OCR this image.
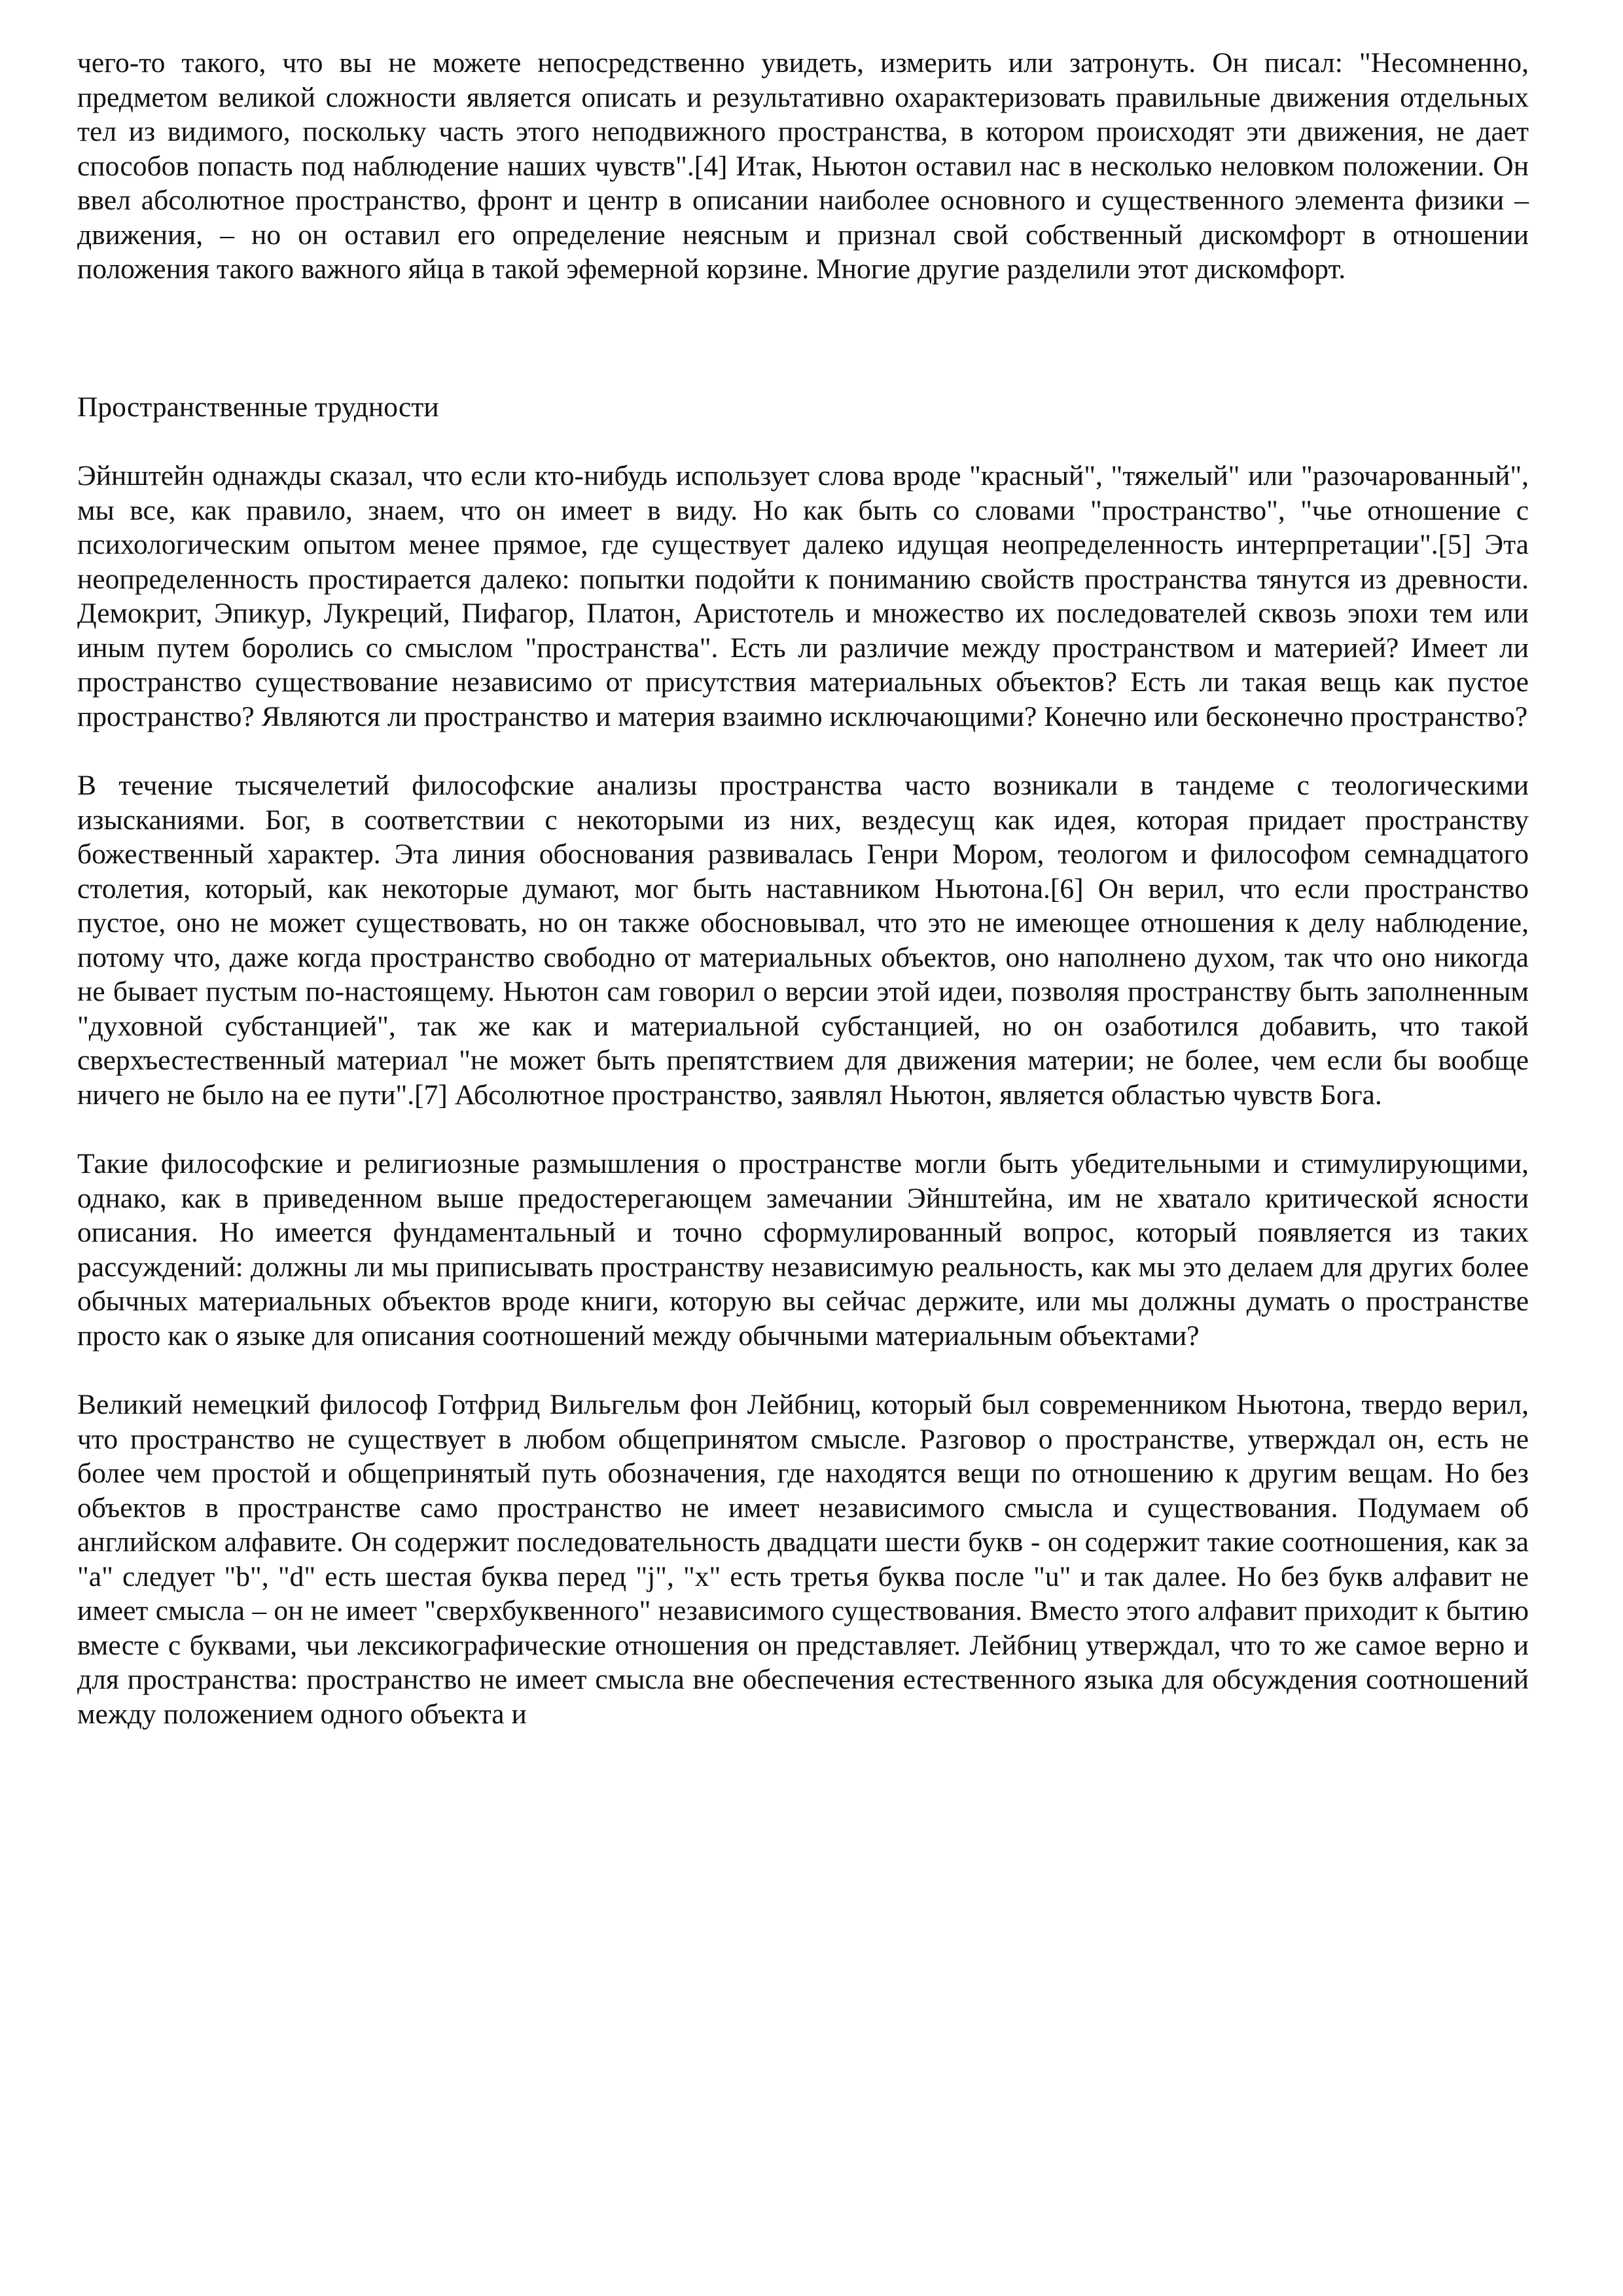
чего-то такого, что вы не можете непосредственно увидеть, измерить или затронуть. Он писал: "Несомненно, предметом великой сложности является описать и результативно охарактеризовать правильные движения отдельных тел из видимого, поскольку часть этого неподвижного пространства, в котором происходят эти движения, не дает способов попасть под наблюдение наших чувств".[4] Итак, Ньютон оставил нас в несколько неловком положении. Он ввел абсолютное пространство, фронт и центр в описании наиболее основного и существенного элемента физики – движения, – но он оставил его определение неясным и признал свой собственный дискомфорт в отношении положения такого важного яйца в такой эфемерной корзине. Многие другие разделили этот дискомфорт.

Пространственные трудности

Эйнштейн однажды сказал, что если кто-нибудь использует слова вроде "красный", "тяжелый" или "разочарованный", мы все, как правило, знаем, что он имеет в виду. Но как быть со словами "пространство", "чье отношение с психологическим опытом менее прямое, где существует далеко идущая неопределенность интерпретации".[5] Эта неопределенность простирается далеко: попытки подойти к пониманию свойств пространства тянутся из древности. Демокрит, Эпикур, Лукреций, Пифагор, Платон, Аристотель и множество их последователей сквозь эпохи тем или иным путем боролись со смыслом "пространства". Есть ли различие между пространством и материей? Имеет ли пространство существование независимо от присутствия материальных объектов? Есть ли такая вещь как пустое пространство? Являются ли пространство и материя взаимно исключающими? Конечно или бесконечно пространство?

В течение тысячелетий философские анализы пространства часто возникали в тандеме с теологическими изысканиями. Бог, в соответствии с некоторыми из них, вездесущ как идея, которая придает пространству божественный характер. Эта линия обоснования развивалась Генри Мором, теологом и философом семнадцатого столетия, который, как некоторые думают, мог быть наставником Ньютона.[6] Он верил, что если пространство пустое, оно не может существовать, но он также обосновывал, что это не имеющее отношения к делу наблюдение, потому что, даже когда пространство свободно от материальных объектов, оно наполнено духом, так что оно никогда не бывает пустым по-настоящему. Ньютон сам говорил о версии этой идеи, позволяя пространству быть заполненным "духовной субстанцией", так же как и материальной субстанцией, но он озаботился добавить, что такой сверхъестественный материал "не может быть препятствием для движения материи; не более, чем если бы вообще ничего не было на ее пути".[7] Абсолютное пространство, заявлял Ньютон, является областью чувств Бога.

Такие философские и религиозные размышления о пространстве могли быть убедительными и стимулирующими, однако, как в приведенном выше предостерегающем замечании Эйнштейна, им не хватало критической ясности описания. Но имеется фундаментальный и точно сформулированный вопрос, который появляется из таких рассуждений: должны ли мы приписывать пространству независимую реальность, как мы это делаем для других более обычных материальных объектов вроде книги, которую вы сейчас держите, или мы должны думать о пространстве просто как о языке для описания соотношений между обычными материальным объектами?

Великий немецкий философ Готфрид Вильгельм фон Лейбниц, который был современником Ньютона, твердо верил, что пространство не существует в любом общепринятом смысле. Разговор о пространстве, утверждал он, есть не более чем простой и общепринятый путь обозначения, где находятся вещи по отношению к другим вещам. Но без объектов в пространстве само пространство не имеет независимого смысла и существования. Подумаем об английском алфавите. Он содержит последовательность двадцати шести букв - он содержит такие соотношения, как за "a" следует "b", "d" есть шестая буква перед "j", "x" есть третья буква после "u" и так далее. Но без букв алфавит не имеет смысла – он не имеет "сверхбуквенного" независимого существования. Вместо этого алфавит приходит к бытию вместе с буквами, чьи лексикографические отношения он представляет. Лейбниц утверждал, что то же самое верно и для пространства: пространство не имеет смысла вне обеспечения естественного языка для обсуждения соотношений между положением одного объекта и
